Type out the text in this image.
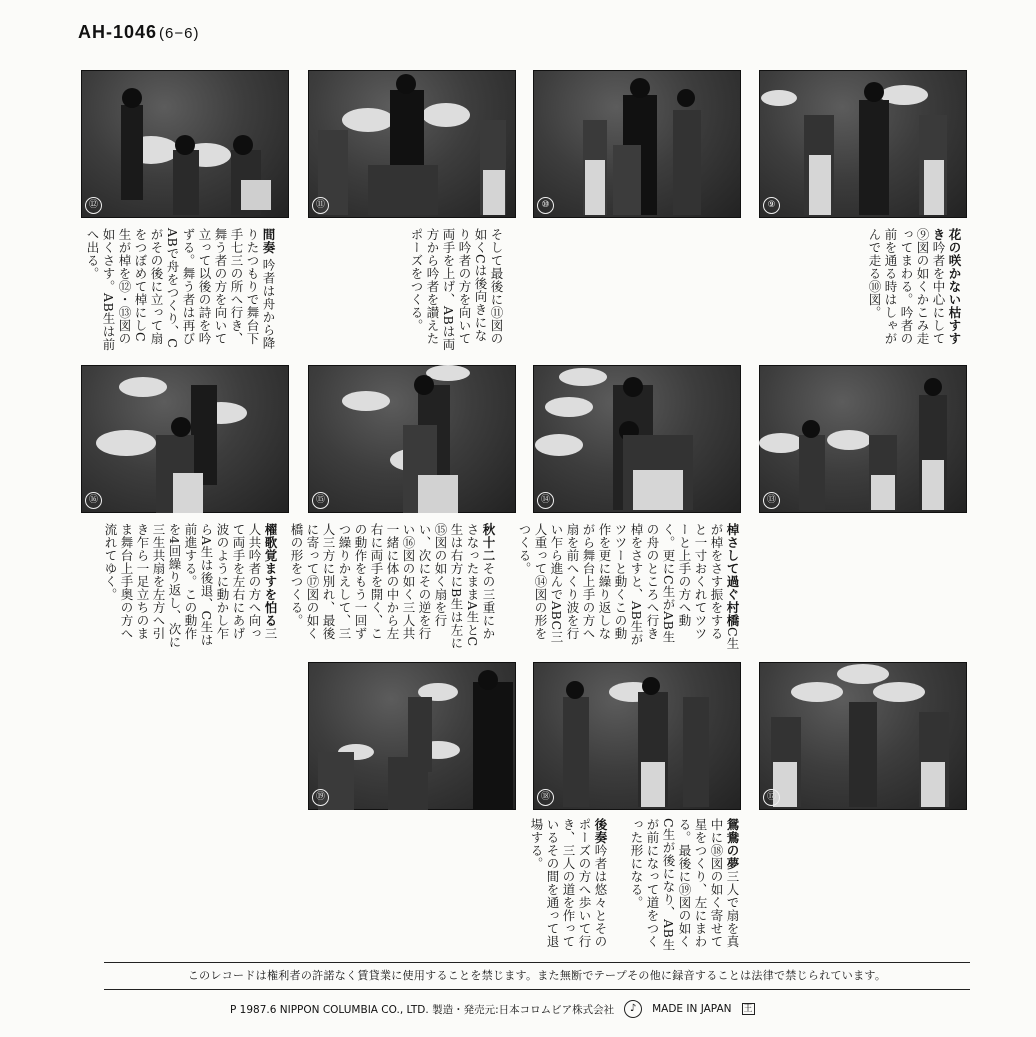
AH-1046 (6−6)
⑫	⑪	⑩	⑨
間奏 吟者は舟から降りたつもりで舞台下手七三の所へ行き、舞う者の方を向いて立って以後の詩を吟ずる。舞う者は再びABで舟をつくり、Cがその後に立って扇をつぼめて棹にしC生が棹を⑫・⑬図の如くさす。AB生は前へ出る。	そして最後に⑪図の如くCは後向きになり吟者の方を向いて両手を上げ、ABは両方から吟者を讃えたポーズをつくる。	花の咲かない枯すすき吟者を中心にして⑨図の如くかこみ走ってまわる。吟者の前を通る時はしゃがんで走る⑩図。
⑯	⑮	⑭	⑬
櫂歌覚ますを怕る三人共吟者の方へ向って両手を左右にあげ波のように動かし乍らA生は後退、C生は前進する。この動作を4回繰り返し、次に三生共扇を左方へ引き乍ら一足立ちのまま舞台上手奥の方へ流れてゆく。	秋十二その三重にかさなったままA生とC生は右方にB生は左に⑮図の如く扇を行い、次にその逆を行い⑯図の如く三人共一緒に体の中から左右に両手を開く、この動作をもう一回ずつ繰りかえして、三人三方に別れ、最後に寄って⑰図の如く橋の形をつくる。	棹さして過ぐ村橋C生が棹をさす振をすると一寸おくれてツツーと上手の方へ動く。更にC生がAB生の舟のところへ行き棹をさすと、AB生がツツーと動くこの動作を更に繰り返しながら舞台上手の方へ扇を前へくり波を行い乍ら進んでABC三人重って⑭図の形をつくる。
⑲	⑱	⑰
後奏吟者は悠々とそのポーズの方へ歩いて行き、三人の道を作っているその間を通って退場する。	鴛鴦の夢三人で扇を真中に⑱図の如く寄せて星をつくり、左にまわる。最後に⑲図の如くC生が後になり、AB生が前になって道をつくった形になる。
このレコードは権利者の許諾なく賃貸業に使用することを禁じます。また無断でテープその他に録音することは法律で禁じられています。
P 1987.6 NIPPON COLUMBIA CO., LTD. 製造・発売元:日本コロムビア株式会社	♪	MADE IN JAPAN 王
